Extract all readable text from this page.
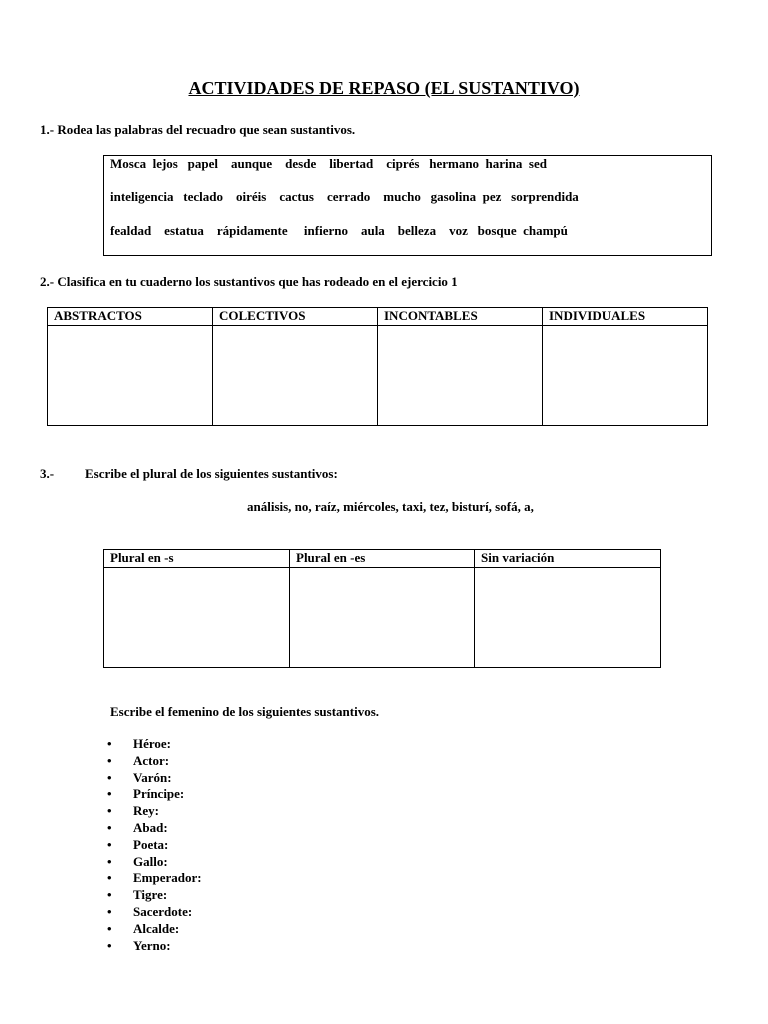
ACTIVIDADES DE REPASO (EL SUSTANTIVO)
1.- Rodea las palabras del recuadro que sean sustantivos.
Mosca  lejos   papel    aunque    desde    libertad    ciprés   hermano  harina  sed
inteligencia   teclado    oiréis    cactus    cerrado    mucho   gasolina  pez   sorprendida
fealdad    estatua    rápidamente     infierno    aula    belleza    voz   bosque  champú
2.- Clasifica en tu cuaderno los sustantivos que has rodeado en el ejercicio 1
ABSTRACTOS	COLECTIVOS	INCONTABLES	INDIVIDUALES

3.- Escribe el plural de los siguientes sustantivos:
análisis, no, raíz, miércoles, taxi, tez, bisturí, sofá, a,
Plural en -s	Plural en -es	Sin variación

Escribe el femenino de los siguientes sustantivos.
• Héroe:
• Actor:
• Varón:
• Príncipe:
• Rey:
• Abad:
• Poeta:
• Gallo:
• Emperador:
• Tigre:
• Sacerdote:
• Alcalde:
• Yerno:
